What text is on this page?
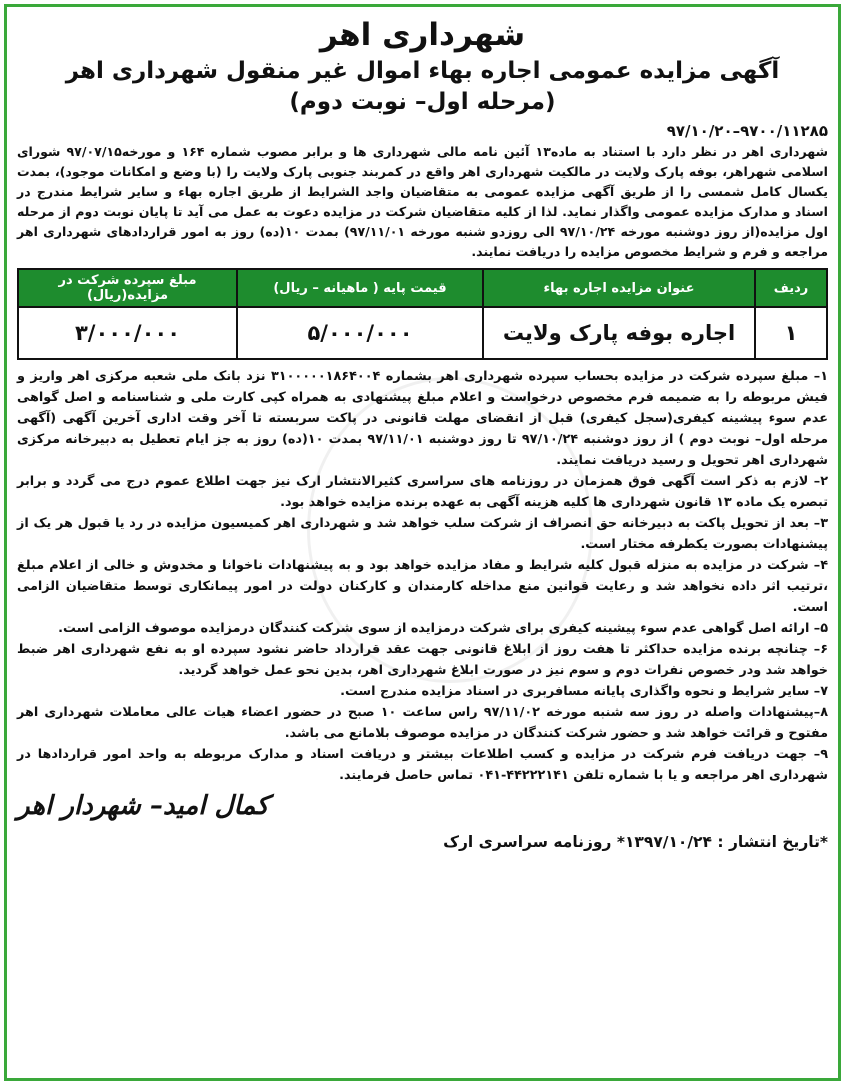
شهرداری اهر
آگهی مزایده عمومی اجاره بهاء اموال غیر منقول شهرداری اهر
(مرحله اول– نوبت دوم)
۹۷۰۰/۱۱۲۸۵–۹۷/۱۰/۲۰
شهرداری اهر در نظر دارد با استناد به ماده۱۳ آئین نامه مالی شهرداری ها و برابر مصوب شماره ۱۶۴ و مورخه۹۷/۰۷/۱۵ شورای اسلامی شهراهر، بوفه پارک ولایت در مالکیت شهرداری اهر واقع در کمربند جنوبی پارک ولایت را (با وضع و امکانات موجود)، بمدت یکسال کامل شمسی را از طریق آگهی مزایده عمومی به متقاضیان واجد الشرایط از طریق اجاره بهاء و سایر شرایط مندرج در اسناد و مدارک مزایده عمومی واگذار نماید. لذا از کلیه متقاضیان شرکت در مزایده دعوت به عمل می آید تا پایان نوبت دوم از مرحله اول مزایده(از روز دوشنبه مورخه ۹۷/۱۰/۲۴ الی روزدو شنبه مورخه ۹۷/۱۱/۰۱) بمدت ۱۰(ده) روز به امور قراردادهای شهرداری اهر مراجعه و فرم و شرایط مخصوص مزایده را دریافت نمایند.
ردیف	عنوان مزایده اجاره بهاء	قیمت پایه ( ماهیانه – ریال)	مبلغ سپرده شرکت در مزایده(ریال)
۱	اجاره بوفه پارک ولایت	۵/۰۰۰/۰۰۰	۳/۰۰۰/۰۰۰
۱– مبلغ سپرده شرکت در مزایده بحساب سپرده شهرداری اهر بشماره ۳۱۰۰۰۰۰۱۸۶۴۰۰۴ نزد بانک ملی شعبه مرکزی اهر واریز و فیش مربوطه را به ضمیمه فرم مخصوص درخواست و اعلام مبلغ پیشنهادی به همراه کپی کارت ملی و شناسنامه و اصل گواهی عدم سوء پیشینه کیفری(سجل کیفری) قبل از انقضای مهلت قانونی در پاکت سربسته تا آخر وقت اداری آخرین آگهی (آگهی مرحله اول– نوبت دوم ) از روز دوشنبه ۹۷/۱۰/۲۴ تا روز دوشنبه ۹۷/۱۱/۰۱ بمدت ۱۰(ده) روز به جز ایام تعطیل به دبیرخانه مرکزی شهرداری اهر تحویل و رسید دریافت نمایند.
۲– لازم به ذکر است آگهی فوق همزمان در روزنامه های سراسری کثیرالانتشار ارک نیز جهت اطلاع عموم درج می گردد و برابر تبصره یک ماده ۱۳ قانون شهرداری ها کلیه هزینه آگهی به عهده برنده مزایده خواهد بود.
۳– بعد از تحویل پاکت به دبیرخانه حق انصراف از شرکت سلب خواهد شد و شهرداری اهر کمیسیون مزایده در رد یا قبول هر یک از پیشنهادات بصورت یکطرفه مختار است.
۴– شرکت در مزایده به منزله قبول کلیه شرایط و مفاد مزایده خواهد بود و به پیشنهادات ناخوانا و مخدوش و خالی از اعلام مبلغ ،ترتیب اثر داده نخواهد شد و رعایت قوانین منع مداخله کارمندان و کارکنان دولت در امور پیمانکاری توسط متقاضیان الزامی است.
۵– ارائه اصل گواهی عدم سوء پیشینه کیفری برای شرکت درمزایده از سوی شرکت کنندگان درمزایده موصوف الزامی است.
۶– چنانچه برنده مزایده حداکثر تا هفت روز از ابلاغ قانونی جهت عقد قرارداد حاضر نشود سپرده او به نفع شهرداری اهر ضبط خواهد شد ودر خصوص نفرات دوم و سوم نیز در صورت ابلاغ شهرداری اهر، بدین نحو عمل خواهد گردید.
۷– سایر شرایط و نحوه واگذاری پایانه مسافربری در اسناد مزایده مندرج است.
۸–پیشنهادات واصله در روز سه شنبه مورخه ۹۷/۱۱/۰۲ راس ساعت ۱۰ صبح در حضور اعضاء هیات عالی معاملات شهرداری اهر مفتوح و قرائت خواهد شد و حضور شرکت کنندگان در مزایده موصوف بلامانع می باشد.
۹– جهت دریافت فرم شرکت در مزایده و کسب اطلاعات بیشتر و دریافت اسناد و مدارک مربوطه به واحد امور قراردادها در شهرداری اهر مراجعه و یا با شماره تلفن ۴۴۲۲۲۱۴۱-۰۴۱ تماس حاصل فرمایند.
کمال امید– شهردار اهر
*تاریخ انتشار : ۱۳۹۷/۱۰/۲۴* روزنامه سراسری ارک
